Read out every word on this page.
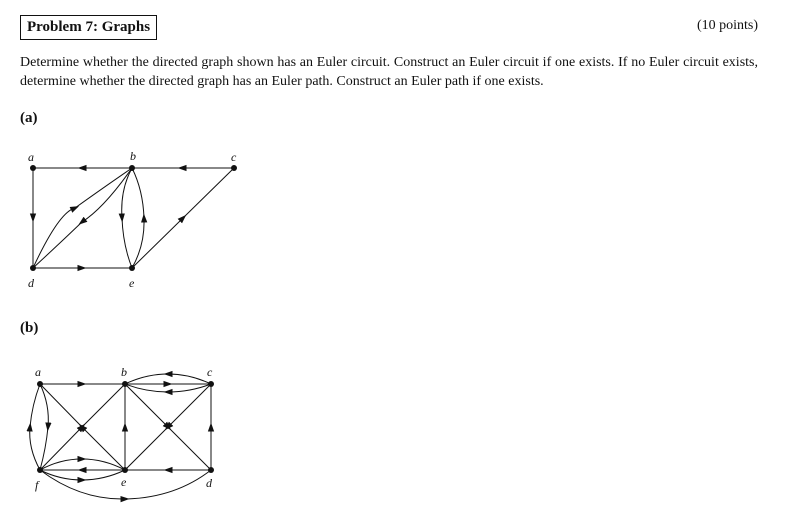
Problem 7: Graphs	(10 points)
Determine whether the directed graph shown has an Euler circuit. Construct an Euler circuit if one exists. If no Euler circuit exists, determine whether the directed graph has an Euler path. Construct an Euler path if one exists.
(a)
(b)
a	b	c
d	e
a	b	c
f	e	d
